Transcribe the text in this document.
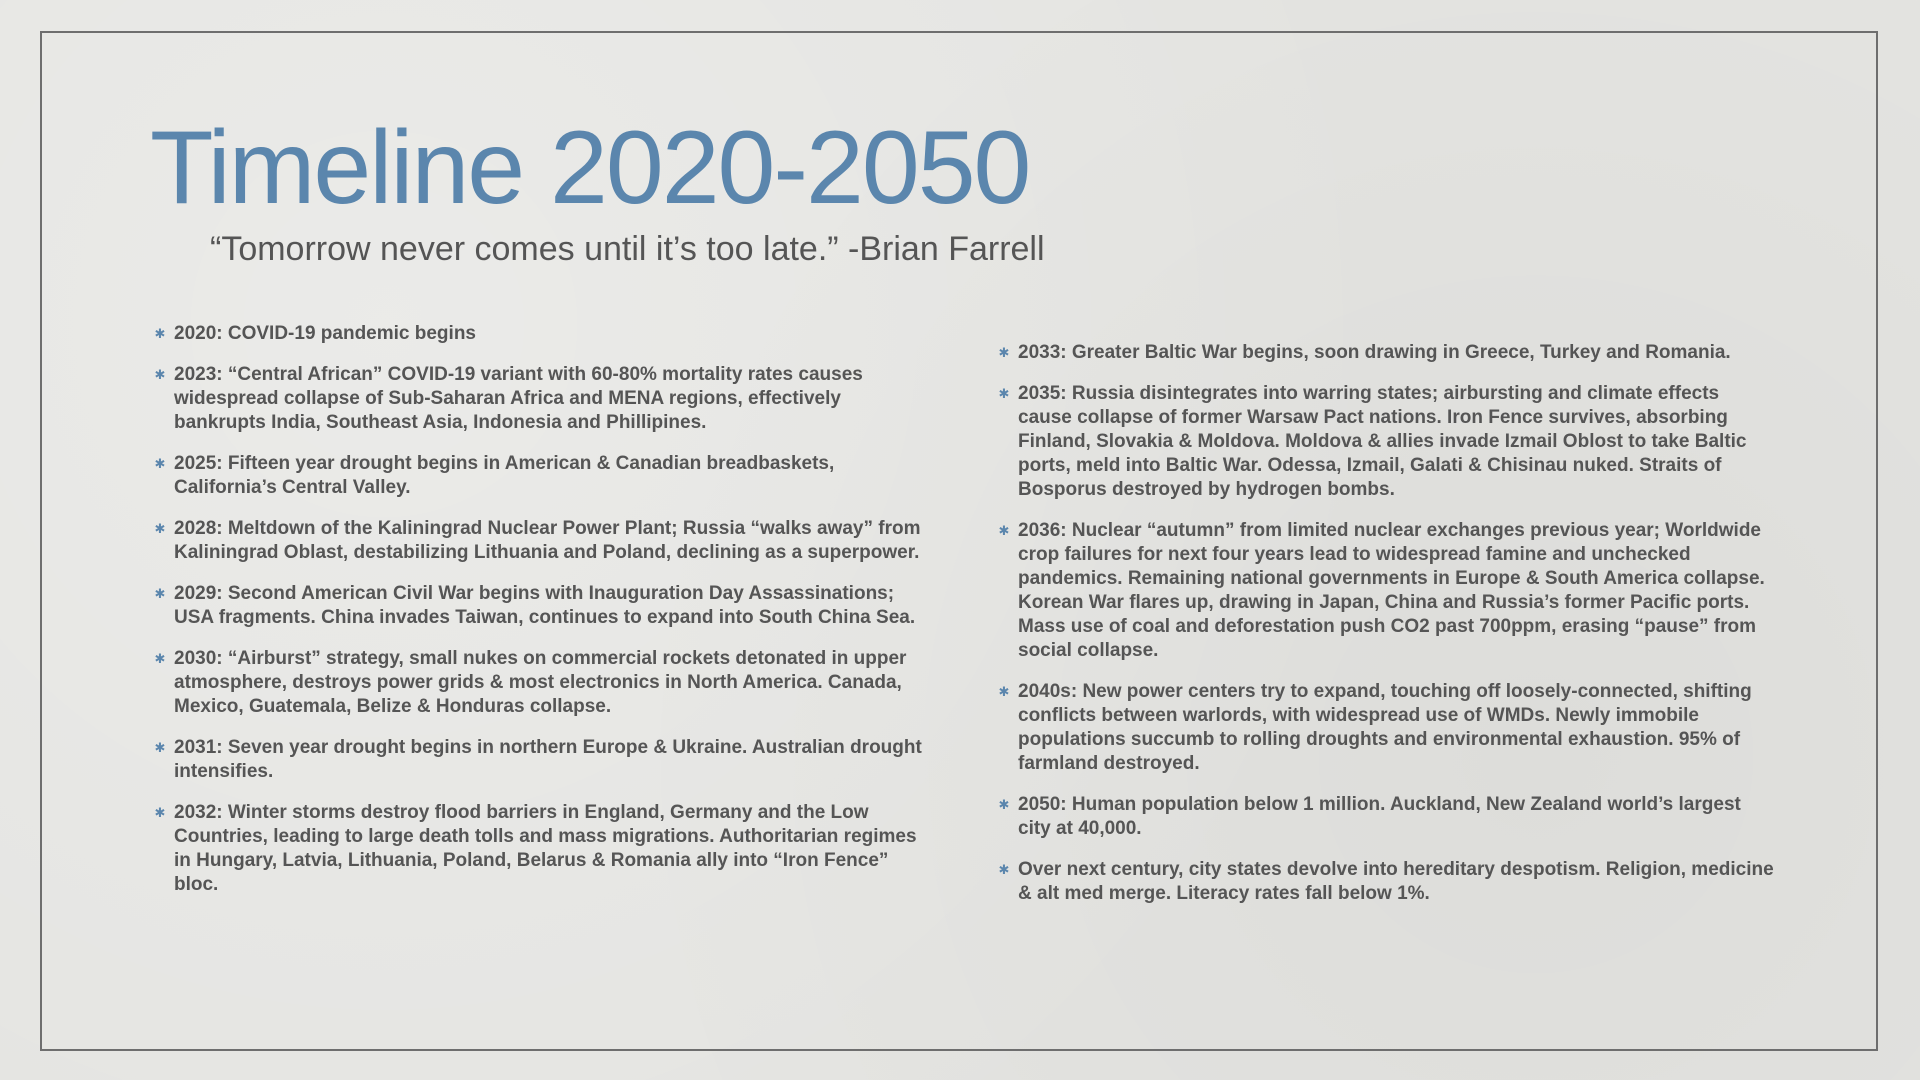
Timeline 2020-2050

“Tomorrow never comes until it’s too late.” -Brian Farrell

✱ 2020: COVID-19 pandemic begins
✱ 2023: “Central African” COVID-19 variant with 60-80% mortality rates causes widespread collapse of Sub-Saharan Africa and MENA regions, effectively bankrupts India, Southeast Asia, Indonesia and Phillipines.
✱ 2025: Fifteen year drought begins in American & Canadian breadbaskets, California’s Central Valley.
✱ 2028: Meltdown of the Kaliningrad Nuclear Power Plant; Russia “walks away” from Kaliningrad Oblast, destabilizing Lithuania and Poland, declining as a superpower.
✱ 2029: Second American Civil War begins with Inauguration Day Assassinations; USA fragments. China invades Taiwan, continues to expand into South China Sea.
✱ 2030: “Airburst” strategy, small nukes on commercial rockets detonated in upper atmosphere, destroys power grids & most electronics in North America. Canada, Mexico, Guatemala, Belize & Honduras collapse.
✱ 2031: Seven year drought begins in northern Europe & Ukraine. Australian drought intensifies.
✱ 2032: Winter storms destroy flood barriers in England, Germany and the Low Countries, leading to large death tolls and mass migrations. Authoritarian regimes in Hungary, Latvia, Lithuania, Poland, Belarus & Romania ally into “Iron Fence” bloc.
✱ 2033: Greater Baltic War begins, soon drawing in Greece, Turkey and Romania.
✱ 2035: Russia disintegrates into warring states; airbursting and climate effects cause collapse of former Warsaw Pact nations. Iron Fence survives, absorbing Finland, Slovakia & Moldova. Moldova & allies invade Izmail Oblost to take Baltic ports, meld into Baltic War. Odessa, Izmail, Galati & Chisinau nuked. Straits of Bosporus destroyed by hydrogen bombs.
✱ 2036: Nuclear “autumn” from limited nuclear exchanges previous year; Worldwide crop failures for next four years lead to widespread famine and unchecked pandemics. Remaining national governments in Europe & South America collapse. Korean War flares up, drawing in Japan, China and Russia’s former Pacific ports. Mass use of coal and deforestation push CO2 past 700ppm, erasing “pause” from social collapse.
✱ 2040s: New power centers try to expand, touching off loosely-connected, shifting conflicts between warlords, with widespread use of WMDs. Newly immobile populations succumb to rolling droughts and environmental exhaustion. 95% of farmland destroyed.
✱ 2050: Human population below 1 million. Auckland, New Zealand world’s largest city at 40,000.
✱ Over next century, city states devolve into hereditary despotism. Religion, medicine & alt med merge. Literacy rates fall below 1%.
